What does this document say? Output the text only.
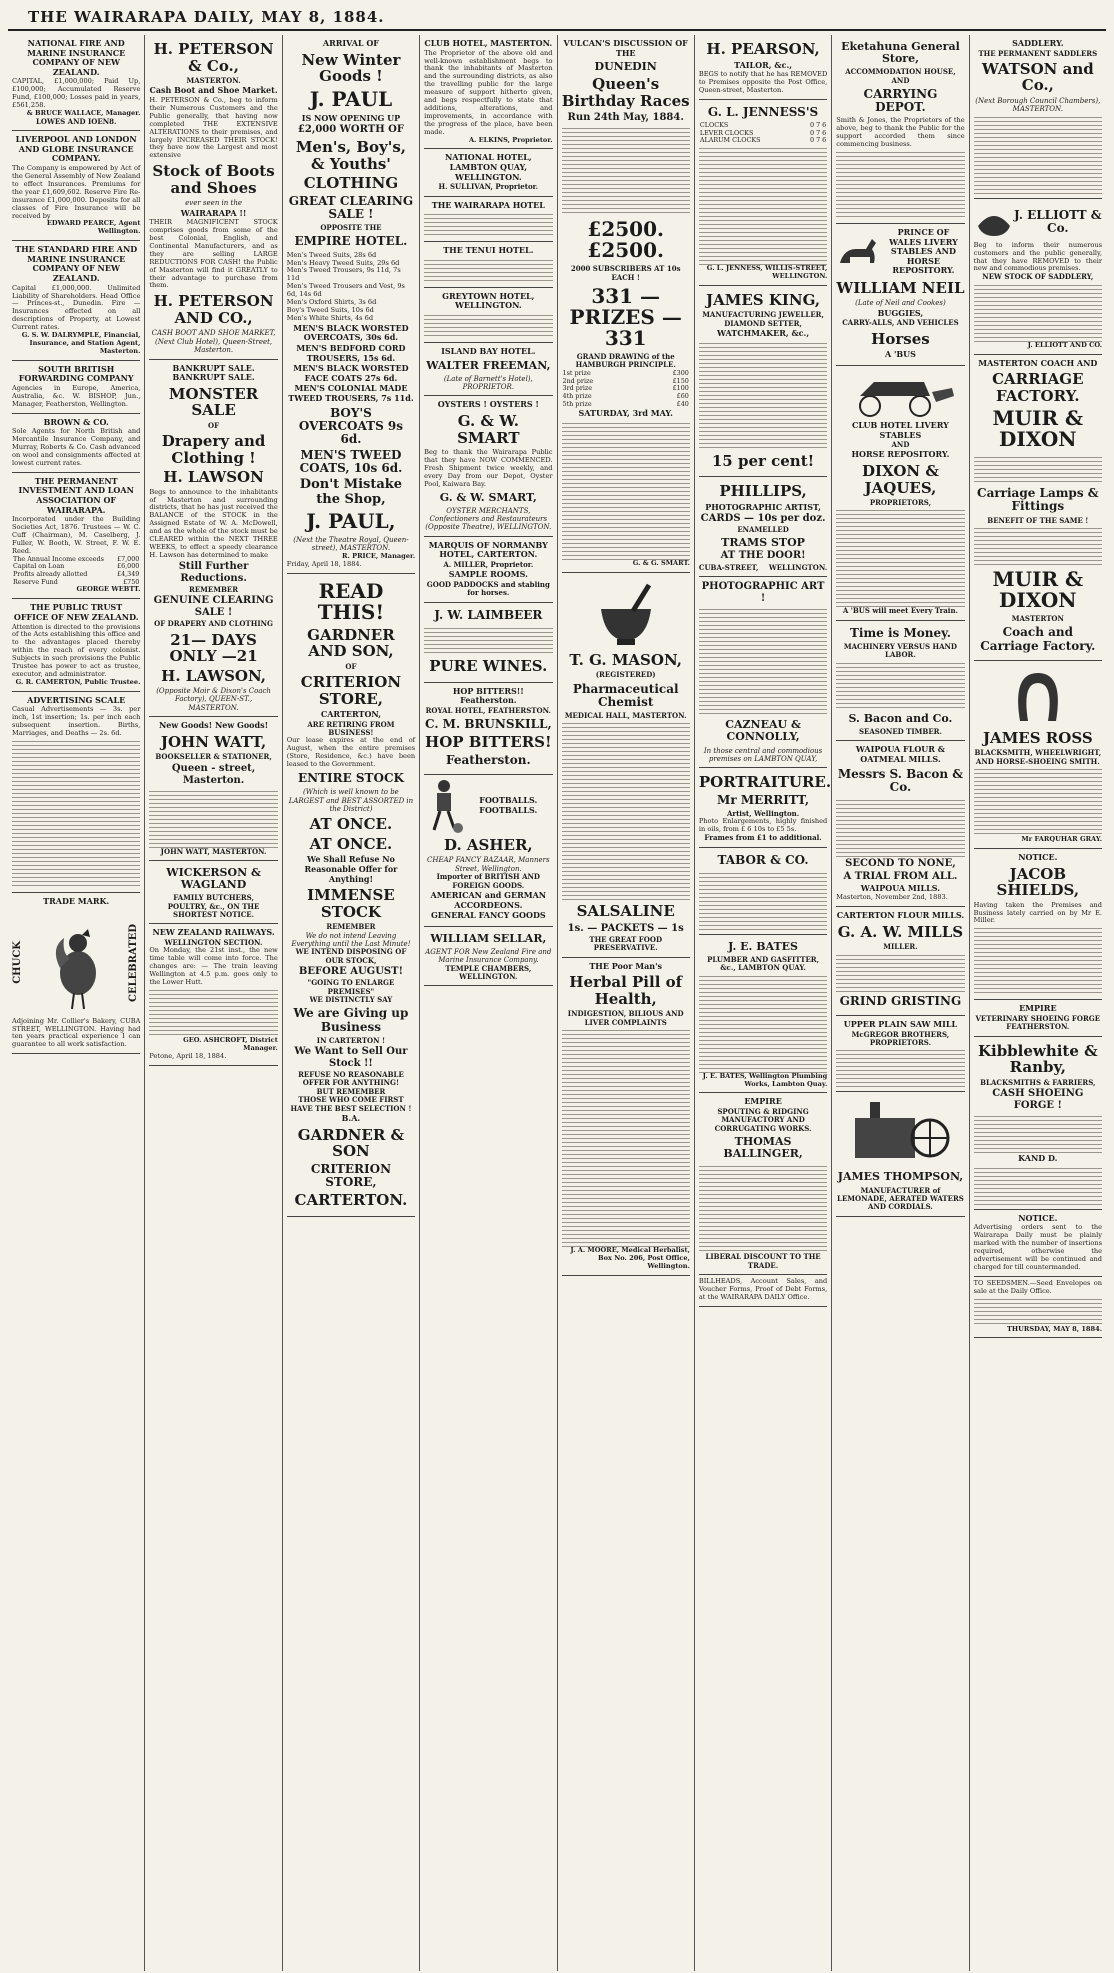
THE WAIRARAPA DAILY, MAY 8, 1884.
NATIONAL FIRE AND MARINE INSURANCE COMPANY OF NEW ZEALAND.
CAPITAL, £1,000,000; Paid Up, £100,000; Accumulated Reserve Fund, £100,000; Losses paid in years, £561,258.
& BRUCE WALLACE, Manager.
LOWES AND IOEN8.
LIVERPOOL AND LONDON AND GLOBE INSURANCE COMPANY.
The Company is empowered by Act of the General Assembly of New Zealand to effect Insurances. Premiums for the year £1,609,602. Reserve Fire Re-insurance £1,000,000. Deposits for all classes of Fire Insurance will be received by
EDWARD PEARCE, Agent Wellington.
THE STANDARD FIRE AND MARINE INSURANCE COMPANY OF NEW ZEALAND.
Capital £1,000,000. Unlimited Liability of Shareholders. Head Office — Princes-st., Dunedin. Fire — Insurances effected on all descriptions of Property, at Lowest Current rates.
G. S. W. DALRYMPLE, Financial, Insurance, and Station Agent, Masterton.
SOUTH BRITISH FORWARDING COMPANY
Agencies in Europe, America, Australia, &c. W. BISHOP, Jun., Manager, Featherston, Wellington.
BROWN & CO.
Sole Agents for North British and Mercantile Insurance Company, and Murray, Roberts & Co. Cash advanced on wool and consignments affected at lowest current rates.
THE PERMANENT INVESTMENT AND LOAN ASSOCIATION OF WAIRARAPA.
Incorporated under the Building Societies Act, 1876. Trustees — W. C. Cuff (Chairman), M. Caselberg, J. Fuller, W. Booth, W. Street, F. W. E. Reed.
The Annual Income exceeds	£7,000
Capital on Loan	£6,000
Profits already allotted	£4,349
Reserve Fund	£750
GEORGE WEBTT.
THE PUBLIC TRUST OFFICE OF NEW ZEALAND.
Attention is directed to the provisions of the Acts establishing this office and to the advantages placed thereby within the reach of every colonist. Subjects in such provisions the Public Trustee has power to act as trustee, executor, and administrator.
G. R. CAMERTON, Public Trustee.
ADVERTISING SCALE
Casual Advertisements — 3s. per inch, 1st insertion; 1s. per inch each subsequent insertion. Births, Marriages, and Deaths — 2s. 6d.
TRADE MARK.
CHUCK	CELEBRATED
Adjoining Mr. Collier's Bakery, CUBA STREET, WELLINGTON. Having had ten years practical experience I can guarantee to all work satisfaction.
H. PETERSON & Co.,
MASTERTON.
Cash Boot and Shoe Market.
H. PETERSON & Co., beg to inform their Numerous Customers and the Public generally, that having now completed THE EXTENSIVE ALTERATIONS to their premises, and largely INCREASED THEIR STOCK! they have now the Largest and most extensive
Stock of Boots and Shoes
ever seen in the
WAIRARAPA !!
THEIR MAGNIFICENT STOCK comprises goods from some of the best Colonial, English, and Continental Manufacturers, and as they are selling LARGE REDUCTIONS FOR CASH! the Public of Masterton will find it GREATLY to their advantage to purchase from them.
H. PETERSON AND CO.,
CASH BOOT AND SHOE MARKET, (Next Club Hotel), Queen-Street, Masterton.
BANKRUPT SALE. BANKRUPT SALE.
MONSTER SALE
OF
Drapery and Clothing !
H. LAWSON
Begs to announce to the inhabitants of Masterton and surrounding districts, that he has just received the BALANCE of the STOCK in the Assigned Estate of W. A. McDowell, and as the whole of the stock must be CLEARED within the NEXT THREE WEEKS, to effect a speedy clearance H. Lawson has determined to make
Still Further Reductions.
REMEMBER
GENUINE CLEARING SALE !
OF DRAPERY AND CLOTHING
21— DAYS ONLY —21
H. LAWSON,
(Opposite Moir & Dixon's Coach Factory), QUEEN-ST., MASTERTON.
New Goods! New Goods!
JOHN WATT,
BOOKSELLER & STATIONER,
Queen - street, Masterton.
JOHN WATT, MASTERTON.
WICKERSON & WAGLAND
FAMILY BUTCHERS,
POULTRY, &c., ON THE SHORTEST NOTICE.
NEW ZEALAND RAILWAYS.
WELLINGTON SECTION.
On Monday, the 21st inst., the new time table will come into force. The changes are: — The train leaving Wellington at 4.5 p.m. goes only to the Lower Hutt.
GEO. ASHCROFT, District Manager.
Petone, April 18, 1884.
ARRIVAL OF
New Winter Goods !
J. PAUL
IS NOW OPENING UP
£2,000 WORTH OF
Men's, Boy's, & Youths'
CLOTHING
GREAT CLEARING SALE !
OPPOSITE THE
EMPIRE HOTEL.
Men's Tweed Suits, 28s 6d
Men's Heavy Tweed Suits, 29s 6d
Men's Tweed Trousers, 9s 11d, 7s 11d
Men's Tweed Trousers and Vest, 9s 6d, 14s 6d
Men's Oxford Shirts, 3s 6d
Boy's Tweed Suits, 10s 6d
Men's White Shirts, 4s 6d
MEN'S BLACK WORSTED OVERCOATS, 30s 6d.
MEN'S BEDFORD CORD TROUSERS, 15s 6d.
MEN'S BLACK WORSTED FACE COATS 27s 6d.
MEN'S COLONIAL MADE TWEED TROUSERS, 7s 11d.
BOY'S OVERCOATS 9s 6d.
MEN'S TWEED COATS, 10s 6d.
Don't Mistake the Shop,
J. PAUL,
(Next the Theatre Royal, Queen-street), MASTERTON.
R. PRICE, Manager.
Friday, April 18, 1884.
READ THIS!
GARDNER AND SON,
OF
CRITERION STORE,
CARTERTON,
ARE RETIRING FROM BUSINESS!
Our lease expires at the end of August, when the entire premises (Store, Residence, &c.) have been leased to the Government.
ENTIRE STOCK
(Which is well known to be LARGEST and BEST ASSORTED in the District)
AT ONCE.
AT ONCE.
We Shall Refuse No Reasonable Offer for Anything!
IMMENSE STOCK
REMEMBER
We do not intend Leaving Everything until the Last Minute!
WE INTEND DISPOSING OF OUR STOCK,
BEFORE AUGUST!
"GOING TO ENLARGE PREMISES"
WE DISTINCTLY SAY
We are Giving up Business
IN CARTERTON !
We Want to Sell Our Stock !!
REFUSE NO REASONABLE OFFER FOR ANYTHING!
BUT REMEMBER
THOSE WHO COME FIRST HAVE THE BEST SELECTION !
B.A.
GARDNER & SON
CRITERION STORE,
CARTERTON.
CLUB HOTEL, MASTERTON.
The Proprietor of the above old and well-known establishment begs to thank the inhabitants of Masterton and the surrounding districts, as also the travelling public for the large measure of support hitherto given, and begs respectfully to state that additions, alterations, and improvements, in accordance with the progress of the place, have been made.
A. ELKINS, Proprietor.
NATIONAL HOTEL, LAMBTON QUAY, WELLINGTON.
H. SULLIVAN, Proprietor.
THE WAIRARAPA HOTEL
THE TENUI HOTEL.
GREYTOWN HOTEL, WELLINGTON.
ISLAND BAY HOTEL.
WALTER FREEMAN,
(Late of Barnett's Hotel), PROPRIETOR.
OYSTERS ! OYSTERS !
G. & W. SMART
Beg to thank the Wairarapa Public that they have NOW COMMENCED. Fresh Shipment twice weekly, and every Day from our Depot, Oyster Pool, Kaiwara Bay.
G. & W. SMART,
OYSTER MERCHANTS, Confectioners and Restaurateurs (Opposite Theatre), WELLINGTON.
MARQUIS OF NORMANBY HOTEL, CARTERTON.
A. MILLER, Proprietor.
SAMPLE ROOMS.
GOOD PADDOCKS and stabling for horses.
J. W. LAIMBEER
PURE WINES.
HOP BITTERS!! Featherston.
ROYAL HOTEL, FEATHERSTON.
C. M. BRUNSKILL,
HOP BITTERS!
Featherston.
FOOTBALLS. FOOTBALLS.
D. ASHER,
CHEAP FANCY BAZAAR, Manners Street, Wellington.
Importer of BRITISH AND FOREIGN GOODS.
AMERICAN and GERMAN ACCORDEONS.
GENERAL FANCY GOODS
WILLIAM SELLAR,
AGENT FOR New Zealand Fire and Marine Insurance Company.
TEMPLE CHAMBERS, WELLINGTON.
VULCAN'S DISCUSSION OF THE
DUNEDIN
Queen's Birthday Races
Run 24th May, 1884.
£2500. £2500.
2000 SUBSCRIBERS AT 10s EACH !
331 — PRIZES — 331
GRAND DRAWING of the HAMBURGH PRINCIPLE.
1st prize	£300
2nd prize	£150
3rd prize	£100
4th prize	£60
5th prize	£40
SATURDAY, 3rd MAY.
G. & G. SMART.
T. G. MASON,
(REGISTERED)
Pharmaceutical Chemist
MEDICAL HALL, MASTERTON.
SALSALINE
1s. — PACKETS — 1s
THE GREAT FOOD PRESERVATIVE.
THE Poor Man's
Herbal Pill of Health,
INDIGESTION, BILIOUS AND LIVER COMPLAINTS
J. A. MOORE, Medical Herbalist, Box No. 206, Post Office, Wellington.
H. PEARSON,
TAILOR, &c.,
BEGS to notify that he has REMOVED to Premises opposite the Post Office, Queen-street, Masterton.
G. L. JENNESS'S
CLOCKS	0 7 6
LEVER CLOCKS	0 7 6
ALARUM CLOCKS	0 7 6
G. L. JENNESS, WILLIS-STREET, WELLINGTON.
JAMES KING,
MANUFACTURING JEWELLER, DIAMOND SETTER,
WATCHMAKER, &c.,
15 per cent!
PHILLIPS,
PHOTOGRAPHIC ARTIST,
CARDS — 10s per doz.
ENAMELLED
TRAMS STOP
AT THE DOOR!
CUBA-STREET, WELLINGTON.
PHOTOGRAPHIC ART !
CAZNEAU & CONNOLLY,
In those central and commodious premises on LAMBTON QUAY,
PORTRAITURE.
Mr MERRITT,
Artist, Wellington.
Photo Enlargements, highly finished in oils, from £ 6 10s to £5 5s.
Frames from £1 to additional.
TABOR & CO.
J. E. BATES
PLUMBER AND GASFITTER, &c., LAMBTON QUAY.
J. E. BATES, Wellington Plumbing Works, Lambton Quay.
EMPIRE
SPOUTING & RIDGING MANUFACTORY AND CORRUGATING WORKS.
THOMAS BALLINGER,
LIBERAL DISCOUNT TO THE TRADE.
BILLHEADS, Account Sales, and Voucher Forms, Proof of Debt Forms, at the WAIRARAPA DAILY Office.
Eketahuna General Store,
ACCOMMODATION HOUSE,
AND
CARRYING DEPOT.
Smith & Jones, the Proprietors of the above, beg to thank the Public for the support accorded them since commencing business.
PRINCE OF WALES LIVERY STABLES AND HORSE REPOSITORY.
WILLIAM NEIL
(Late of Neil and Cookes)
BUGGIES,
CARRY-ALLS, AND VEHICLES
Horses
A 'BUS
CLUB HOTEL LIVERY STABLES
AND
HORSE REPOSITORY.
DIXON & JAQUES,
PROPRIETORS,
A 'BUS will meet Every Train.
Time is Money.
MACHINERY VERSUS HAND LABOR.
S. Bacon and Co.
SEASONED TIMBER.
WAIPOUA FLOUR & OATMEAL MILLS.
Messrs S. Bacon & Co.
SECOND TO NONE,
A TRIAL FROM ALL.
WAIPOUA MILLS.
Masterton, November 2nd, 1883.
CARTERTON FLOUR MILLS.
G. A. W. MILLS
MILLER.
GRIND GRISTING
UPPER PLAIN SAW MILL
McGREGOR BROTHERS, PROPRIETORS.
JAMES THOMPSON,
MANUFACTURER of LEMONADE, AERATED WATERS AND CORDIALS.
SADDLERY.
THE PERMANENT SADDLERS
WATSON and Co.,
(Next Borough Council Chambers), MASTERTON.
J. ELLIOTT & Co.
Beg to inform their numerous customers and the public generally, that they have REMOVED to their new and commodious premises.
NEW STOCK OF SADDLERY,
J. ELLIOTT AND CO.
MASTERTON COACH AND
CARRIAGE FACTORY.
MUIR & DIXON
Carriage Lamps & Fittings
BENEFIT OF THE SAME !
MUIR & DIXON
MASTERTON
Coach and Carriage Factory.
JAMES ROSS
BLACKSMITH, WHEELWRIGHT, AND HORSE-SHOEING SMITH.
Mr FARQUHAR GRAY.
NOTICE.
JACOB SHIELDS,
Having taken the Premises and Business lately carried on by Mr E. Miller.
EMPIRE
VETERINARY SHOEING FORGE
FEATHERSTON.
Kibblewhite & Ranby,
BLACKSMITHS & FARRIERS,
CASH SHOEING FORGE !
KAND D.
NOTICE.
Advertising orders sent to the Wairarapa Daily must be plainly marked with the number of insertions required, otherwise the advertisement will be continued and charged for till countermanded.
TO SEEDSMEN.—Seed Envelopes on sale at the Daily Office.
THURSDAY, MAY 8, 1884.
